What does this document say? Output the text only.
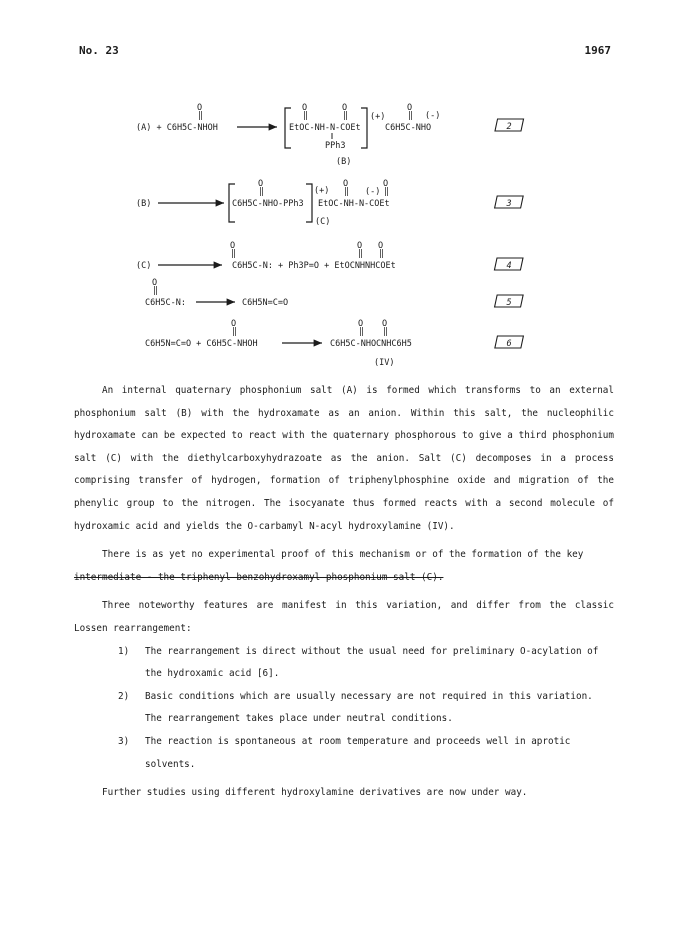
No. 23	1967
O
‖
(A) + C6H5C-NHOH
O
‖
O
‖
EtOC-NH-N-COEt
PPh3
(+)
O
‖ (-)
C6H5C-NHO
(B)
2
(B)
O
‖
C6H5C-NHO-PPh3
(+)
O
‖
O
‖
(-)
EtOC-NH-N-COEt
(C)
3
O
‖
O
‖
O
‖
(C)	C6H5C-N: + Ph3P=O + EtOCNHNHCOEt	4
O
‖
C6H5C-N:	C6H5N=C=O	5
O
‖
O
‖
O
‖
C6H5N=C=O + C6H5C-NHOH	C6H5C-NHOCNHC6H5
(IV)
6

An internal quaternary phosphonium salt (A) is formed which transforms to an external phosphonium salt (B) with the hydroxamate as an anion. Within this salt, the nucleophilic hydroxamate can be expected to react with the quaternary phosphorous to give a third phosphonium salt (C) with the diethylcarboxyhydrazoate as the anion. Salt (C) decomposes in a process comprising transfer of hydrogen, formation of triphenylphosphine oxide and migration of the phenylic group to the nitrogen. The isocyanate thus formed reacts with a second molecule of hydroxamic acid and yields the O-carbamyl N-acyl hydroxylamine (IV).

There is as yet no experimental proof of this mechanism or of the formation of the key
intermediate - the triphenyl benzohydroxamyl phosphonium salt (C).

Three noteworthy features are manifest in this variation, and differ from the classic Lossen rearrangement:

1) The rearrangement is direct without the usual need for preliminary O-acylation of the hydroxamic acid [6].
2) Basic conditions which are usually necessary are not required in this variation. The rearrangement takes place under neutral conditions.
3) The reaction is spontaneous at room temperature and proceeds well in aprotic solvents.

Further studies using different hydroxylamine derivatives are now under way.
